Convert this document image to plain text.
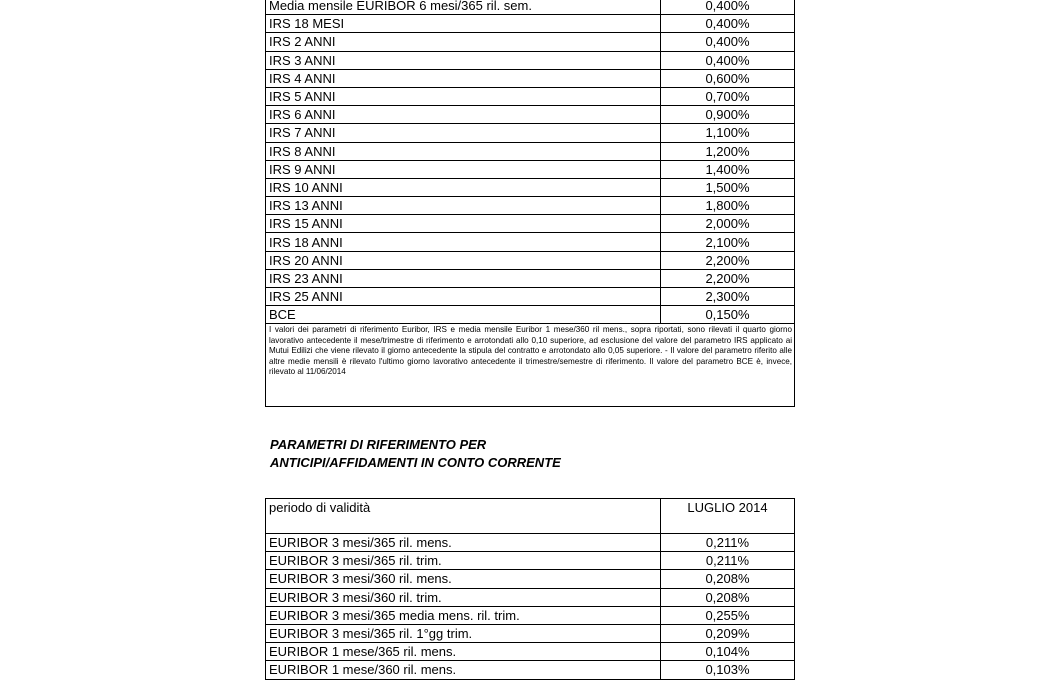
Media mensile EURIBOR 6 mesi/365 ril. sem.	0,400%
IRS 18 MESI	0,400%
IRS 2 ANNI	0,400%
IRS 3 ANNI	0,400%
IRS 4 ANNI	0,600%
IRS 5 ANNI	0,700%
IRS 6 ANNI	0,900%
IRS 7 ANNI	1,100%
IRS 8 ANNI	1,200%
IRS 9 ANNI	1,400%
IRS 10 ANNI	1,500%
IRS 13 ANNI	1,800%
IRS 15 ANNI	2,000%
IRS 18 ANNI	2,100%
IRS 20 ANNI	2,200%
IRS 23 ANNI	2,200%
IRS 25 ANNI	2,300%
BCE	0,150%
I valori dei parametri di riferimento Euribor, IRS e media mensile Euribor 1 mese/360 ril mens., sopra riportati, sono rilevati il quarto giorno lavorativo antecedente il mese/trimestre di riferimento e arrotondati allo 0,10 superiore, ad esclusione del valore del parametro IRS applicato ai Mutui Edilizi che viene rilevato il giorno antecedente la stipula del contratto e arrotondato allo 0,05 superiore. - Il valore del parametro riferito alle altre medie mensili è rilevato l'ultimo giorno lavorativo antecedente il trimestre/semestre di riferimento. Il valore del parametro BCE è, invece, rilevato al 11/06/2014
PARAMETRI DI RIFERIMENTO PER
ANTICIPI/AFFIDAMENTI IN CONTO CORRENTE
periodo di validità	LUGLIO 2014
EURIBOR 3 mesi/365 ril. mens.	0,211%
EURIBOR 3 mesi/365 ril. trim.	0,211%
EURIBOR 3 mesi/360 ril. mens.	0,208%
EURIBOR 3 mesi/360 ril. trim.	0,208%
EURIBOR 3 mesi/365 media mens. ril. trim.	0,255%
EURIBOR 3 mesi/365 ril. 1°gg trim.	0,209%
EURIBOR 1 mese/365 ril. mens.	0,104%
EURIBOR 1 mese/360 ril. mens.	0,103%
